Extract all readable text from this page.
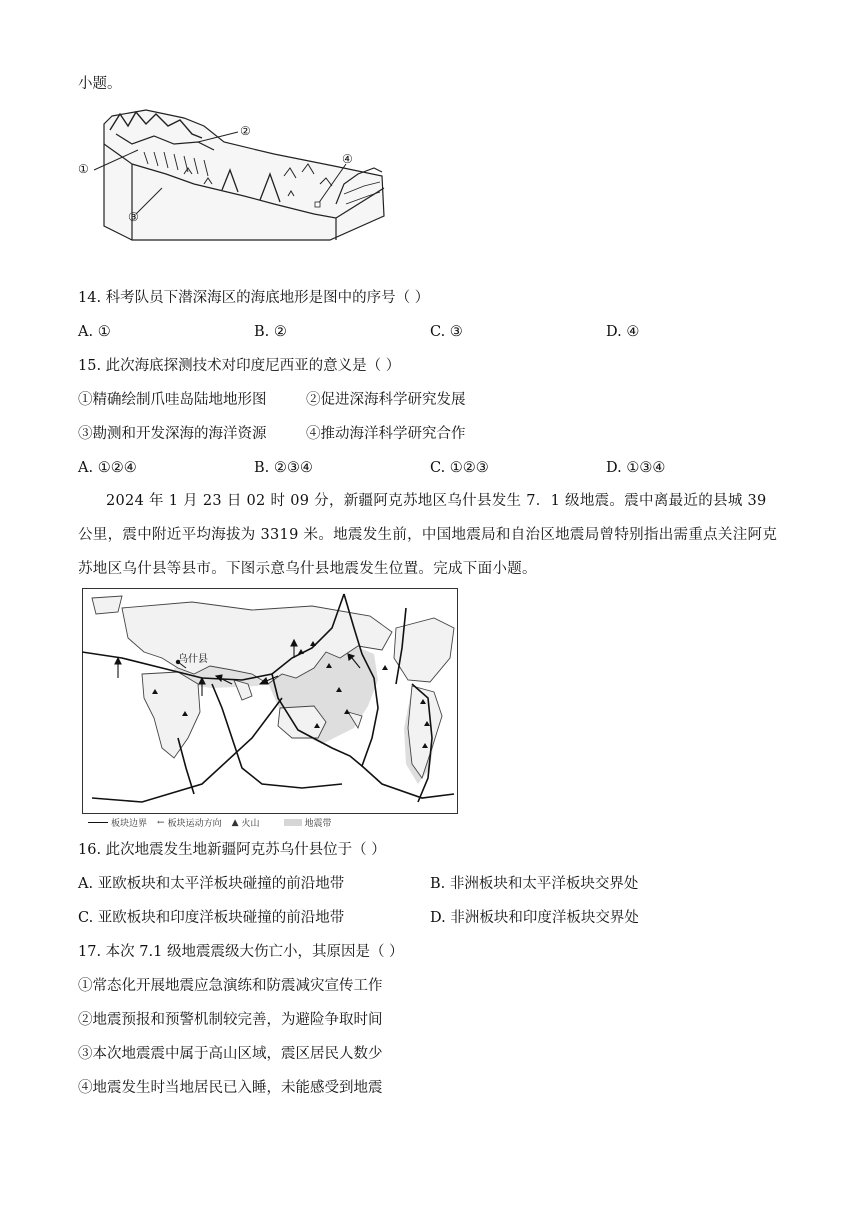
小题。
①
②
③
④
14. 科考队员下潜深海区的海底地形是图中的序号（ ）
A. ①	B. ②	C. ③	D. ④
15. 此次海底探测技术对印度尼西亚的意义是（ ）
①精确绘制爪哇岛陆地地形图	②促进深海科学研究发展
③勘测和开发深海的海洋资源	④推动海洋科学研究合作
A. ①②④	B. ②③④	C. ①②③	D. ①③④
2024 年 1 月 23 日 02 时 09 分，新疆阿克苏地区乌什县发生 7．1 级地震。震中离最近的县城 39 公里，震中附近平均海拔为 3319 米。地震发生前，中国地震局和自治区地震局曾特别指出需重点关注阿克苏地区乌什县等县市。下图示意乌什县地震发生位置。完成下面小题。
乌什县
板块边界 ← 板块运动方向 ▲ 火山	地震带
16. 此次地震发生地新疆阿克苏乌什县位于（ ）
A. 亚欧板块和太平洋板块碰撞的前沿地带	B. 非洲板块和太平洋板块交界处
C. 亚欧板块和印度洋板块碰撞的前沿地带	D. 非洲板块和印度洋板块交界处
17. 本次 7.1 级地震震级大伤亡小，其原因是（ ）
①常态化开展地震应急演练和防震减灾宣传工作
②地震预报和预警机制较完善，为避险争取时间
③本次地震震中属于高山区域，震区居民人数少
④地震发生时当地居民已入睡，未能感受到地震
